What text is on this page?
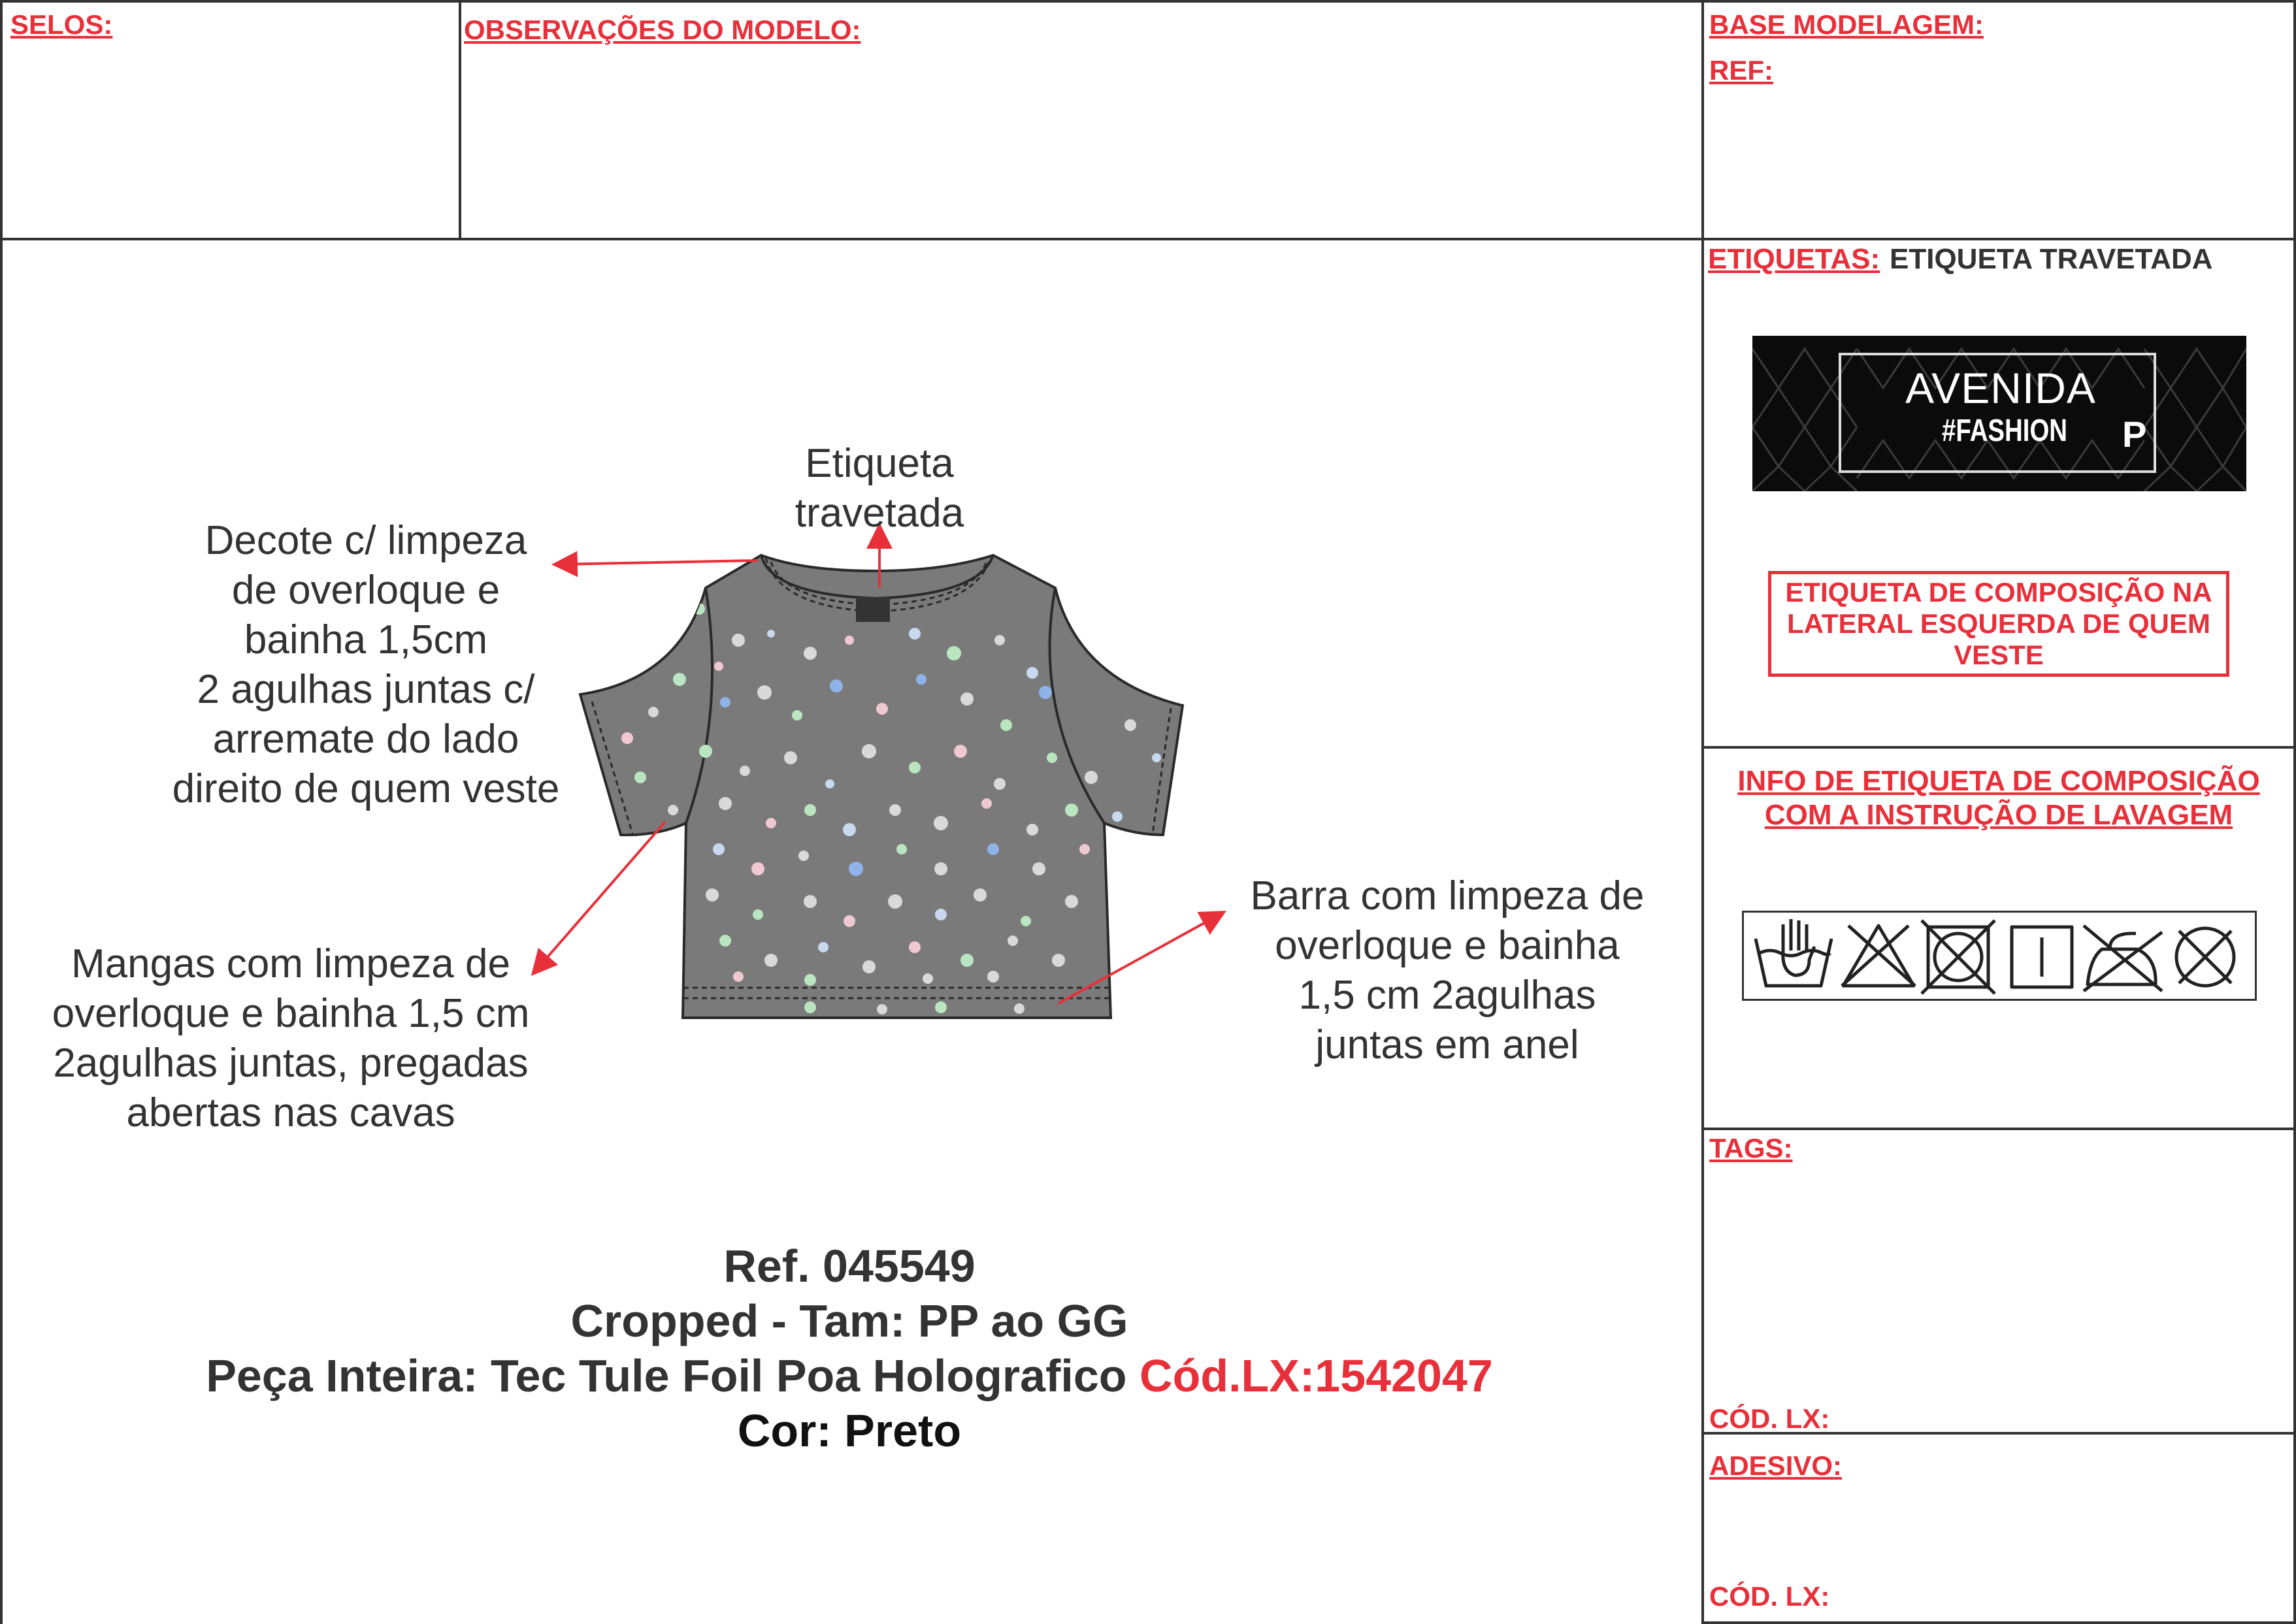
SELOS:	OBSERVAÇÕES DO MODELO:	BASE MODELAGEM:
REF:
ETIQUETAS: ETIQUETA TRAVETADA
AVENIDA
#FASHION P
ETIQUETA DE COMPOSIÇÃO NA
LATERAL ESQUERDA DE QUEM
VESTE
INFO DE ETIQUETA DE COMPOSIÇÃO
COM A INSTRUÇÃO DE LAVAGEM
TAGS:
CÓD. LX:
ADESIVO:
CÓD. LX:
Etiqueta
travetada
Decote c/ limpeza
de overloque e
bainha 1,5cm
2 agulhas juntas c/
arremate do lado
direito de quem veste
Mangas com limpeza de
overloque e bainha 1,5 cm
2agulhas juntas, pregadas
abertas nas cavas
Barra com limpeza de
overloque e bainha
1,5 cm 2agulhas
juntas em anel
Ref. 045549
Cropped - Tam: PP ao GG
Peça Inteira: Tec Tule Foil Poa Holografico Cód.LX:1542047
Cor: Preto
